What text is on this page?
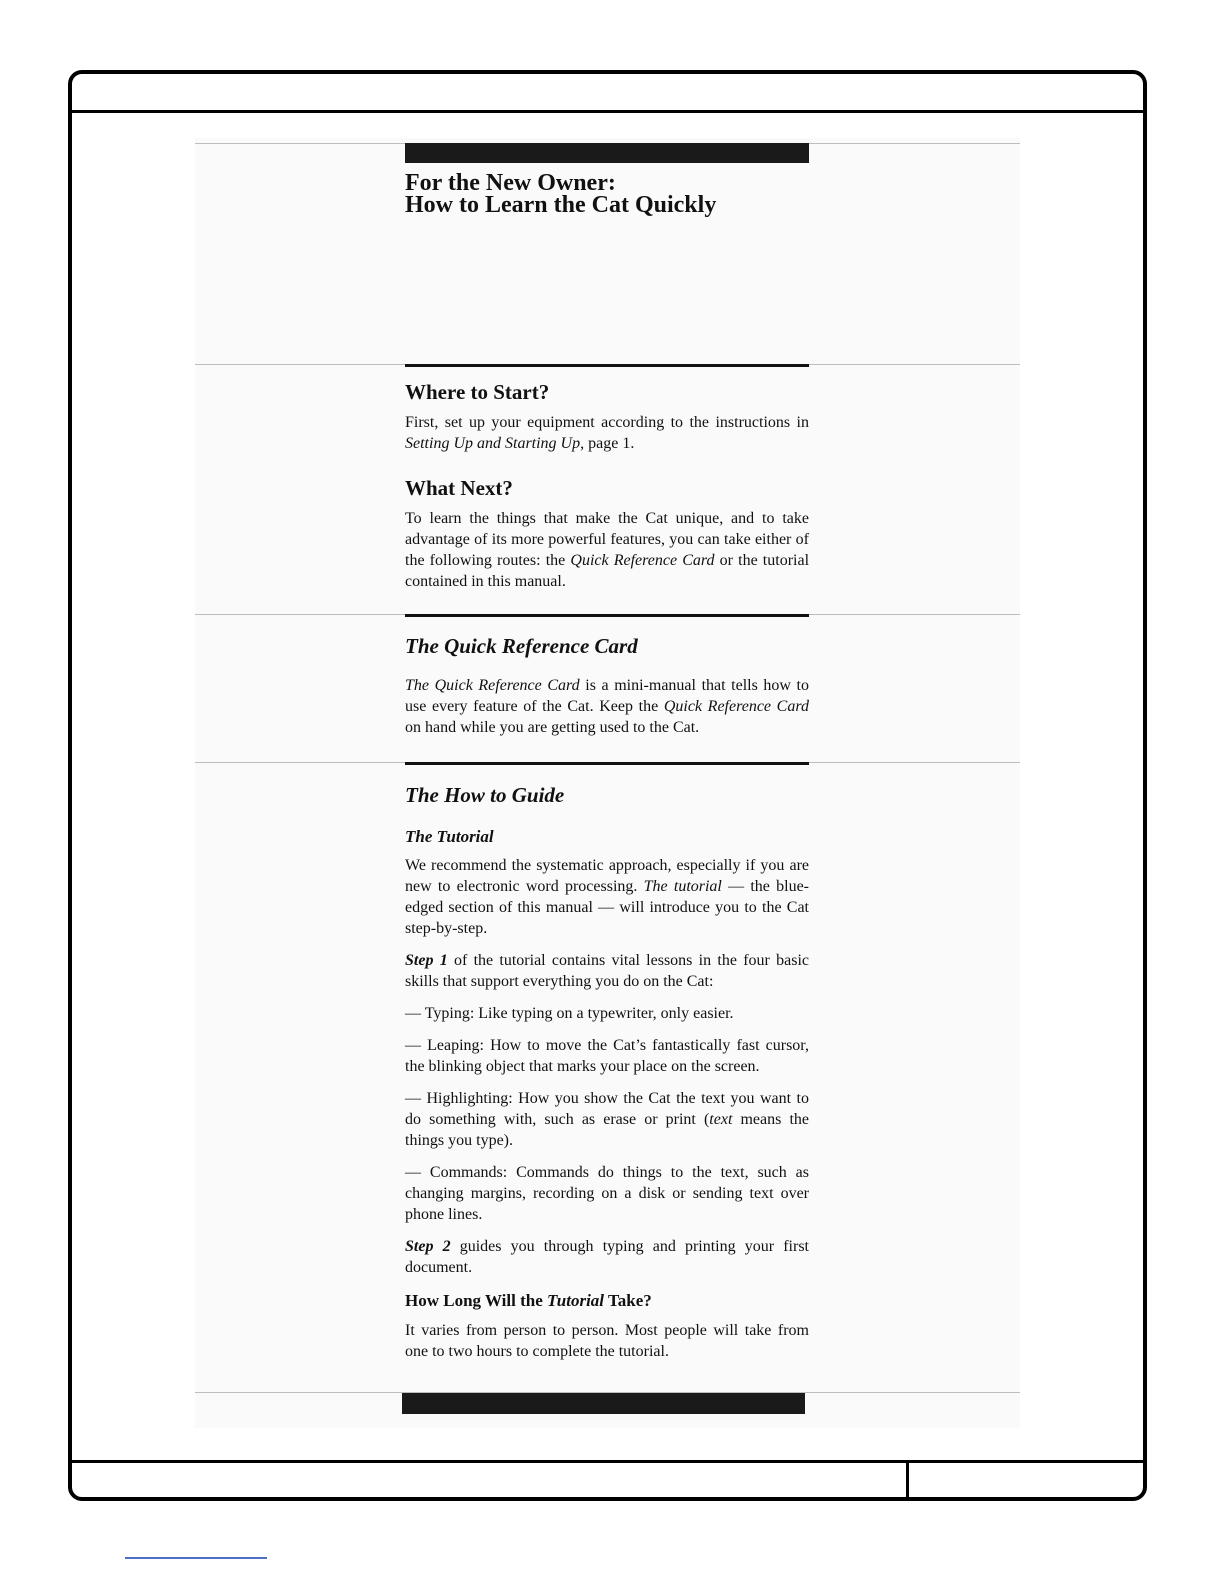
For the New Owner:
How to Learn the Cat Quickly
Where to Start?

First, set up your equipment according to the instructions in Setting Up and Starting Up, page 1.

What Next?

To learn the things that make the Cat unique, and to take advantage of its more powerful features, you can take either of the following routes: the Quick Reference Card or the tutorial contained in this manual.

The Quick Reference Card

The Quick Reference Card is a mini-manual that tells how to use every feature of the Cat. Keep the Quick Reference Card on hand while you are getting used to the Cat.

The How to Guide
The Tutorial

We recommend the systematic approach, especially if you are new to electronic word processing. The tutorial — the blue-edged section of this manual — will introduce you to the Cat step-by-step.

Step 1 of the tutorial contains vital lessons in the four basic skills that support everything you do on the Cat:

— Typing: Like typing on a typewriter, only easier.

— Leaping: How to move the Cat’s fantastically fast cursor, the blinking object that marks your place on the screen.

— Highlighting: How you show the Cat the text you want to do something with, such as erase or print (text means the things you type).

— Commands: Commands do things to the text, such as changing margins, recording on a disk or sending text over phone lines.

Step 2 guides you through typing and printing your first document.

How Long Will the Tutorial Take?

It varies from person to person. Most people will take from one to two hours to complete the tutorial.
